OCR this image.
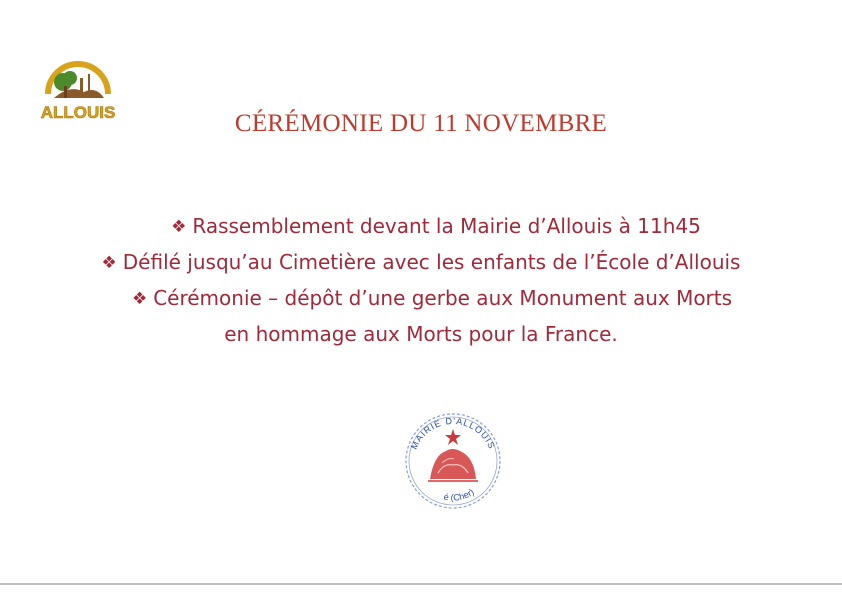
ALLOUIS	CÉRÉMONIE DU 11 NOVEMBRE
❖ Rassemblement devant la Mairie d’Allouis à 11h45
❖ Défilé jusqu’au Cimetière avec les enfants de l’École d’Allouis
❖ Cérémonie – dépôt d’une gerbe aux Monument aux Morts
en hommage aux Morts pour la France.
MAIRIE D'ALLOUIS
é (Cher)
